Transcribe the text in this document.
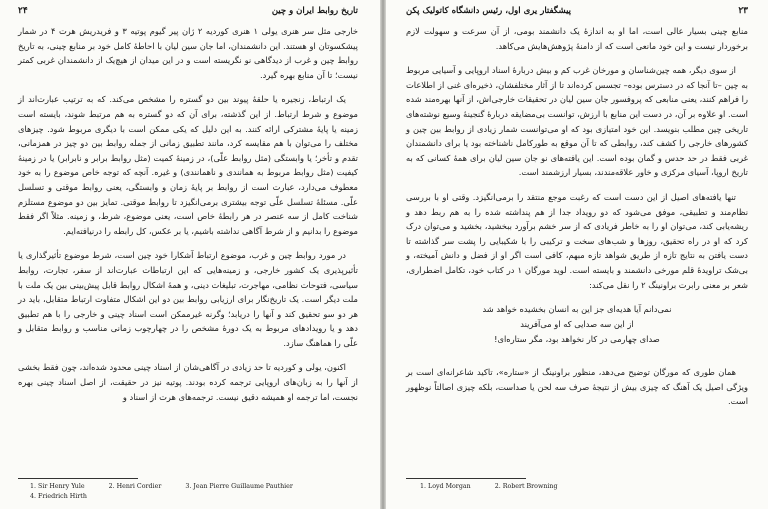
۲۴	تاریخ روابط ایران و چین

خارجی مثل سر هنری یولی ۱ هنری کوردیه ۲ ژان پیر گیوم پوتیه ۳ و فریدریش هرت ۴ در شمار پیشکسوتان او هستند. این دانشمندان، اما جان سین لیان با احاطهٔ کامل خود بر منابع چینی، به تاریخ روابط چین و غرب از دیدگاهی نو نگریسته است و در این میدان از هیچ‌یک از دانشمندان غربی کمتر نیست؛ تا آن منابع بهره گیرد.

یک ارتباط، زنجیره یا حلقهٔ پیوند بین دو گستره را مشخص می‌کند. که به ترتیب عبارت‌اند از موضوع و شرط ارتباط. از این گذشته، برای آن که دو گستره به هم مرتبط شوند، بایسته است زمینه یا پایهٔ مشترکی ارائه کنند. به این دلیل که یکی ممکن است با دیگری مربوط شود. چیزهای مختلف را می‌توان با هم مقایسه کرد، مانند تطبیق زمانی از جمله روابط بین دو چیز در همزمانی، تقدم و تأخر؛ یا وابستگی (مثل روابط علّی)، در زمینهٔ کمیت (مثل روابط برابر و نابرابر) یا در زمینهٔ کیفیت (مثل روابط مربوط به همانندی و ناهمانندی) و غیره. آنچه که توجه خاص موضوع را به خود معطوف می‌دارد، عبارت است از روابط بر پایهٔ زمان و وابستگی، یعنی روابط موقتی و تسلسل علّی. مسئلهٔ تسلسل علّی توجه بیشتری برمی‌انگیزد تا روابط موقتی. تمایز بین دو موضوع مستلزم شناخت کامل از سه عنصر در هر رابطهٔ خاص است، یعنی موضوع، شرط، و زمینه. مثلاً اگر فقط موضوع را بدانیم و از شرط آگاهی نداشته باشیم، یا بر عکس، کل رابطه را درنیافته‌ایم.

در مورد روابط چین و غرب، موضوع ارتباط آشکارا خود چین است، شرط موضوع تأثیرگذاری یا تأثیرپذیری یک کشور خارجی، و زمینه‌هایی که این ارتباطات عبارت‌اند از سفر، تجارت، روابط سیاسی، فتوحات نظامی، مهاجرت، تبلیغات دینی، و همهٔ اشکال روابط قابل پیش‌بینی بین یک ملت با ملت دیگر است. یک تاریخ‌نگار برای ارزیابی روابط بین دو این اشکال متفاوت ارتباط متقابل، باید در هر دو سو تحقیق کند و آنها را دریابد؛ وگرنه غیرممکن است اسناد چینی و خارجی را با هم تطبیق دهد و یا رویدادهای مربوط به یک دورهٔ مشخص را در چهارچوب زمانی مناسب و روابط متقابل و علّی را هماهنگ سازد.

اکنون، یولی و کوردیه تا حد زیادی در آگاهی‌شان از اسناد چینی محدود شده‌اند، چون فقط بخشی از آنها را به زبان‌های اروپایی ترجمه کرده بودند. پوتیه نیز در حقیقت، از اصل اسناد چینی بهره نجست، اما ترجمه او همیشه دقیق نیست. ترجمه‌های هرت از اسناد و

1. Sir Henry Yule	2. Henri Cordier	3. Jean Pierre Guillaume Pauthier
4. Friedrich Hirth
پیشگفتار یری اول، رئیس دانشگاه کاتولیک پکن	۲۳

منابع چینی بسیار عالی است، اما او به اندازهٔ یک دانشمند بومی، از آن سرعت و سهولت لازم برخوردار نیست و این خود مانعی است که از دامنهٔ پژوهش‌هایش می‌کاهد.

از سوی دیگر، همه چین‌شناسان و مورخان غرب کم و بیش دربارهٔ اسناد اروپایی و آسیایی مربوط به چین –تا آنجا که در دسترس بوده– تجسس کرده‌اند تا از آثار مختلفشان، ذخیره‌ای غنی از اطلاعات را فراهم کنند، یعنی منابعی که پروفسور جان سین لیان در تحقیقات خارجی‌اش، از آنها بهره‌مند شده است. او علاوه بر آن، در دست این منابع با ارزش، توانست بی‌مضایقه دربارهٔ گنجینهٔ وسیع نوشته‌های تاریخی چین مطلب بنویسد. این خود امتیازی بود که او می‌توانست شمار زیادی از روابط بین چین و کشورهای خارجی را کشف کند، روابطی که تا آن موقع به طورکامل ناشناخته بود یا برای دانشمندان غربی فقط در حد حدس و گمان بوده است. این یافته‌های نو جان سین لیان برای همهٔ کسانی که به تاریخ اروپا، آسیای مرکزی و خاور علاقه‌مندند، بسیار ارزشمند است.

تنها یافته‌های اصیل از این دست است که رغبت موجع منتقد را برمی‌انگیزد. وقتی او با بررسی نظام‌مند و تطبیقی، موفق می‌شود که دو رویداد جدا از هم پنداشته شده را به هم ربط دهد و ریشه‌یابی کند، می‌توان او را به خاطر فریادی که از سر خشم برآورد ببخشید، بخشید و می‌توان درک کرد که او در راه تحقیق، روزها و شب‌های سخت و ترکیبی را با شکیبایی را پشت سر گذاشته تا دست یافتن به نتایج تازه از طریق شواهد تازه مبهم، کافی است اگر او از فضل و دانش آمیخته، و بی‌شک تراویدهٔ قلم مورخی دانشمند و بایسته است. لوید مورگان ۱ در کتاب خود، تکامل اضطراری، شعر بر معنی رابرت براونینگ ۲ را نقل می‌کند:

نمی‌دانم آیا هدیه‌ای جز این به انسان بخشیده خواهد شد
از این سه صدایی که او می‌آفریند
صدای چهارمی در کار نخواهد بود، مگر ستاره‌ای!

همان طوری که مورگان توضیح می‌دهد، منظور براونینگ از «ستاره»، تاکید شاعرانه‌ای است بر ویژگی اصیل یک آهنگ که چیزی بیش از نتیجهٔ صرف سه لحن یا صداست، بلکه چیزی اصالتاً نوظهور است.

1. Loyd Morgan	2. Robert Browning
